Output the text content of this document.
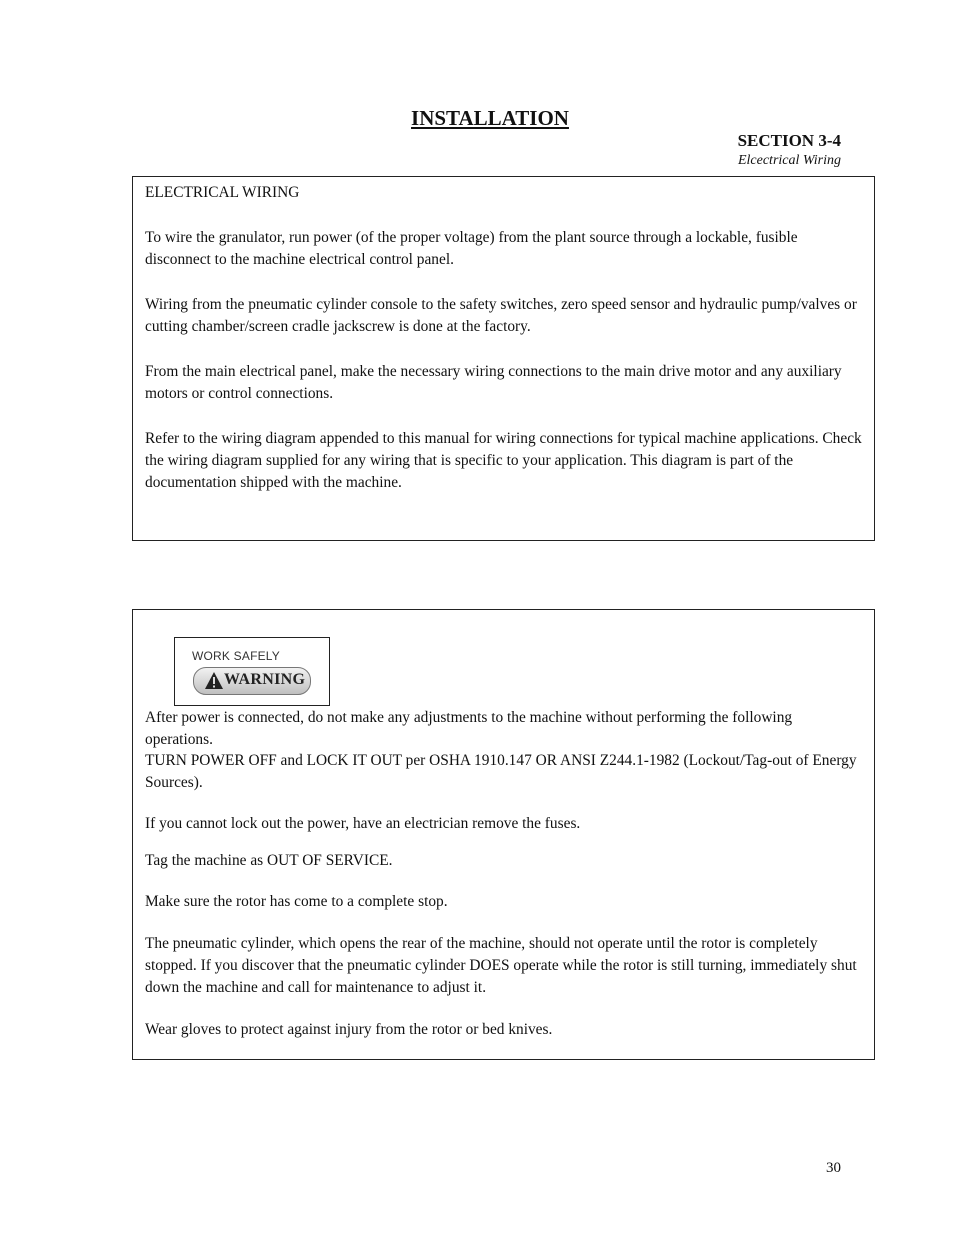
INSTALLATION
SECTION 3-4
Elcectrical Wiring

ELECTRICAL WIRING

To wire the granulator, run power (of the proper voltage) from the plant source through a lockable, fusible disconnect to the machine electrical control panel.

Wiring from the pneumatic cylinder console to the safety switches, zero speed sensor and hydraulic pump/valves or cutting chamber/screen cradle jackscrew is done at the factory.

From the main electrical panel, make the necessary wiring connections to the main drive motor and any auxiliary motors or control connections.

Refer to the wiring diagram appended to this manual for wiring connections for typical machine applications. Check the wiring diagram supplied for any wiring that is specific to your application. This diagram is part of the documentation shipped with the machine.

WORK SAFELY
WARNING

After power is connected, do not make any adjustments to the machine without performing the following operations.

TURN POWER OFF and LOCK IT OUT per OSHA 1910.147 OR ANSI Z244.1-1982 (Lockout/Tag-out of Energy Sources).

If you cannot lock out the power, have an electrician remove the fuses.

Tag the machine as OUT OF SERVICE.

Make sure the rotor has come to a complete stop.

The pneumatic cylinder, which opens the rear of the machine, should not operate until the rotor is completely stopped. If you discover that the pneumatic cylinder DOES operate while the rotor is still turning, immediately shut down the machine and call for maintenance to adjust it.

Wear gloves to protect against injury from the rotor or bed knives.

30
